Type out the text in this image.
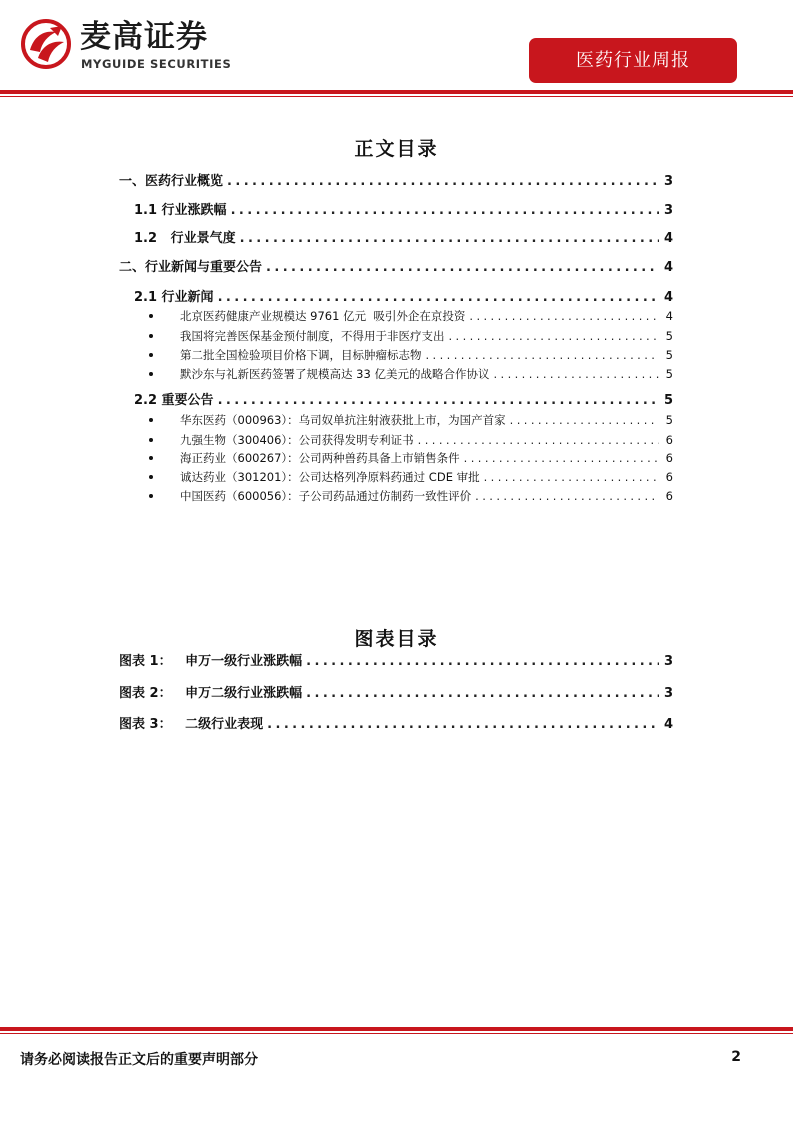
麦高证券
MYGUIDE SECURITIES	医药行业周报
正文目录
一、医药行业概览 .....	3
1.1 行业涨跌幅 .....	3
1.2   行业景气度 .....	4
二、行业新闻与重要公告 .....	4
2.1 行业新闻 .....	4
北京医药健康产业规模达 9761 亿元  吸引外企在京投资 .....	4
我国将完善医保基金预付制度，不得用于非医疗支出 .....	5
第二批全国检验项目价格下调，目标肿瘤标志物 .....	5
默沙东与礼新医药签署了规模高达 33 亿美元的战略合作协议 .....	5
2.2 重要公告 .....	5
华东医药（000963）：乌司奴单抗注射液获批上市，为国产首家 .....	5
九强生物（300406）：公司获得发明专利证书 .....	6
海正药业（600267）：公司两种兽药具备上市销售条件 .....	6
诚达药业（301201）：公司达格列净原料药通过 CDE 审批 .....	6
中国医药（600056）：子公司药品通过仿制药一致性评价 .....	6
图表目录
图表 1：   申万一级行业涨跌幅 .....	3
图表 2：   申万二级行业涨跌幅 .....	3
图表 3：   二级行业表现 .....	4
请务必阅读报告正文后的重要声明部分	2
